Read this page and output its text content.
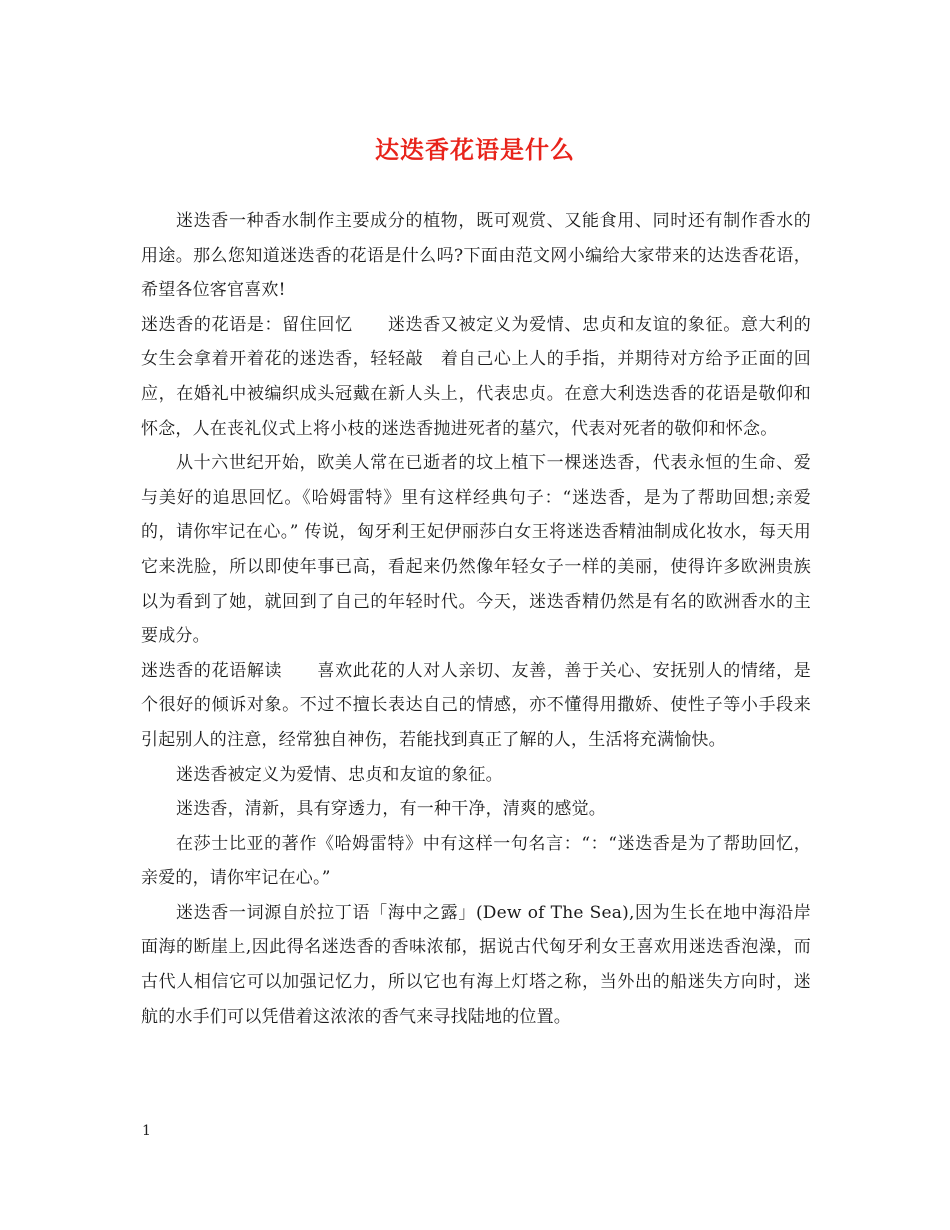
达迭香花语是什么

迷迭香一种香水制作主要成分的植物，既可观赏、又能食用、同时还有制作香水的用途。那么您知道迷迭香的花语是什么吗?下面由范文网小编给大家带来的达迭香花语，希望各位客官喜欢!

迷迭香的花语是：留住回忆　　迷迭香又被定义为爱情、忠贞和友谊的象征。意大利的女生会拿着开着花的迷迭香，轻轻敲　着自己心上人的手指，并期待对方给予正面的回应，在婚礼中被编织成头冠戴在新人头上，代表忠贞。在意大利迭迭香的花语是敬仰和怀念，人在丧礼仪式上将小枝的迷迭香抛进死者的墓穴，代表对死者的敬仰和怀念。

从十六世纪开始，欧美人常在已逝者的坟上植下一棵迷迭香，代表永恒的生命、爱与美好的追思回忆。《哈姆雷特》里有这样经典句子：“迷迭香，是为了帮助回想;亲爱的，请你牢记在心。” 传说，匈牙利王妃伊丽莎白女王将迷迭香精油制成化妆水，每天用它来洗脸，所以即使年事已高，看起来仍然像年轻女子一样的美丽，使得许多欧洲贵族以为看到了她，就回到了自己的年轻时代。今天，迷迭香精仍然是有名的欧洲香水的主要成分。

迷迭香的花语解读　　喜欢此花的人对人亲切、友善，善于关心、安抚别人的情绪，是个很好的倾诉对象。不过不擅长表达自己的情感，亦不懂得用撒娇、使性子等小手段来引起别人的注意，经常独自神伤，若能找到真正了解的人，生活将充满愉快。

迷迭香被定义为爱情、忠贞和友谊的象征。

迷迭香，清新，具有穿透力，有一种干净，清爽的感觉。

在莎士比亚的著作《哈姆雷特》中有这样一句名言：“：“迷迭香是为了帮助回忆，亲爱的，请你牢记在心。”

迷迭香一词源自於拉丁语「海中之露」(Dew of The Sea),因为生长在地中海沿岸面海的断崖上,因此得名迷迭香的香味浓郁，据说古代匈牙利女王喜欢用迷迭香泡澡，而古代人相信它可以加强记忆力，所以它也有海上灯塔之称，当外出的船迷失方向时，迷航的水手们可以凭借着这浓浓的香气来寻找陆地的位置。

1
